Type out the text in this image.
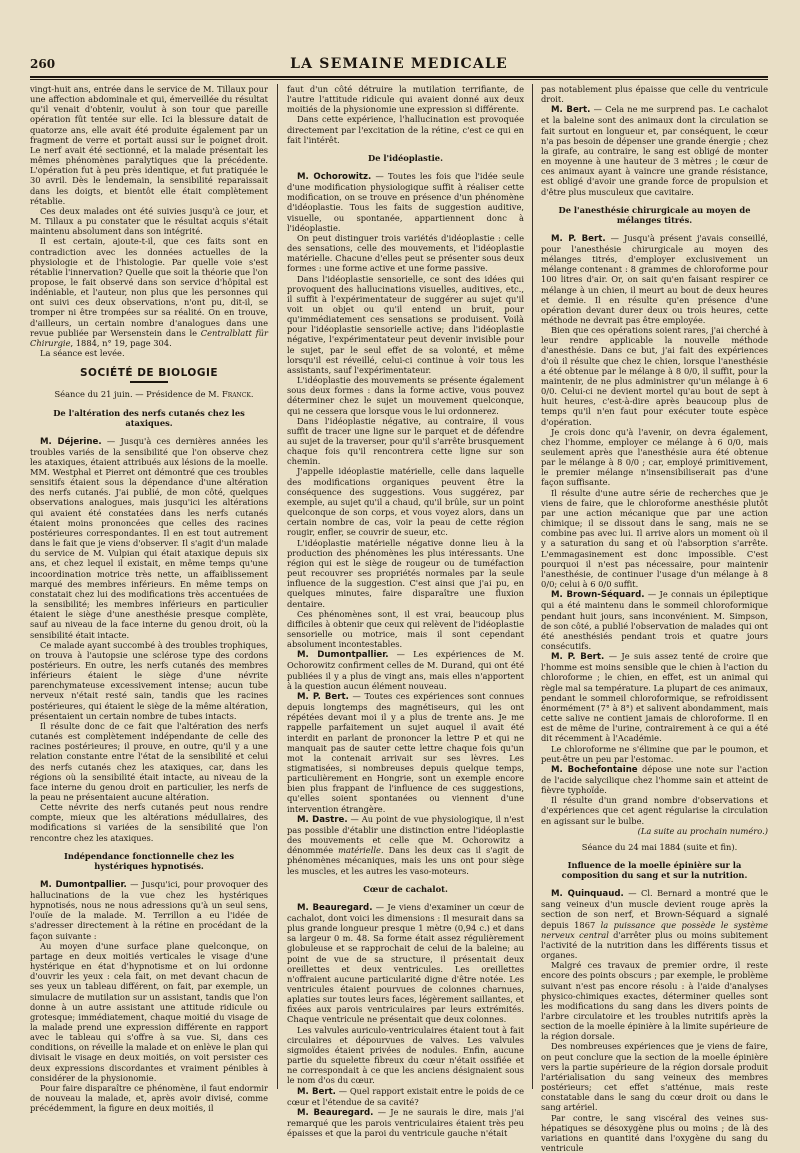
260	LA SEMAINE MEDICALE

vingt-huit ans, entrée dans le service de M. Tillaux pour une affection abdominale et qui, émerveillée du résultat qu'il venait d'obtenir, voulut à son tour que pareille opération fût tentée sur elle. Ici la blessure datait de quatorze ans, elle avait été produite également par un fragment de verre et portait aussi sur le poignet droit. Le nerf avait été sectionné, et la malade présentait les mêmes phénomènes paralytiques que la précédente. L'opération fut à peu près identique, et fut pratiquée le 30 avril. Dès le lendemain, la sensibilité reparaissait dans les doigts, et bientôt elle était complètement rétablie.

Ces deux malades ont été suivies jusqu'à ce jour, et M. Tillaux a pu constater que le résultat acquis s'était maintenu absolument dans son intégrité.

Il est certain, ajoute-t-il, que ces faits sont en contradiction avec les données actuelles de la physiologie et de l'histologie. Par quelle voie s'est rétablie l'innervation? Quelle que soit la théorie que l'on propose, le fait observé dans son service d'hôpital est indéniable, et l'auteur, non plus que les personnes qui ont suivi ces deux observations, n'ont pu, dit-il, se tromper ni être trompées sur sa réalité. On en trouve, d'ailleurs, un certain nombre d'analogues dans une revue publiée par Wersenstein dans le Centralblatt für Chirurgie, 1884, n° 19, page 304.

La séance est levée.

SOCIÉTÉ DE BIOLOGIE

Séance du 21 juin. — Présidence de M. Franck.

De l'altération des nerfs cutanés chez les ataxiques.

M. Déjerine. — Jusqu'à ces dernières années les troubles variés de la sensibilité que l'on observe chez les ataxiques, étaient attribués aux lésions de la moelle. MM. Westphal et Pierret ont démontré que ces troubles sensitifs étaient sous la dépendance d'une altération des nerfs cutanés. J'ai publié, de mon côté, quelques observations analogues, mais jusqu'ici les altérations qui avaient été constatées dans les nerfs cutanés étaient moins prononcées que celles des racines postérieures correspondantes. Il en est tout autrement dans le fait que je viens d'observer. Il s'agit d'un malade du service de M. Vulpian qui était ataxique depuis six ans, et chez lequel il existait, en même temps qu'une incoordination motrice très nette, un affaiblissement marqué des membres inférieurs. En même temps on constatait chez lui des modifications très accentuées de la sensibilité; les membres inférieurs en particulier étaient le siège d'une anesthésie presque complète, sauf au niveau de la face interne du genou droit, où la sensibilité était intacte.

Ce malade ayant succombé à des troubles trophiques, on trouva à l'autopsie une sclérose type des cordons postérieurs. En outre, les nerfs cutanés des membres inférieurs étaient le siège d'une névrite parenchymateuse excessivement intense; aucun tube nerveux n'était resté sain, tandis que les racines postérieures, qui étaient le siège de la même altération, présentaient un certain nombre de tubes intacts.

Il résulte donc de ce fait que l'altération des nerfs cutanés est complètement indépendante de celle des racines postérieures; il prouve, en outre, qu'il y a une relation constante entre l'état de la sensibilité et celui des nerfs cutanés chez les ataxiques, car, dans les régions où la sensibilité était intacte, au niveau de la face interne du genou droit en particulier, les nerfs de la peau ne présentaient aucune altération.

Cette névrite des nerfs cutanés peut nous rendre compte, mieux que les altérations médullaires, des modifications si variées de la sensibilité que l'on rencontre chez les ataxiques.

Indépendance fonctionnelle chez les hystériques hypnotisés.

M. Dumontpallier. — Jusqu'ici, pour provoquer des hallucinations de la vue chez les hystériques hypnotisés, nous ne nous adressions qu'à un seul sens, l'ouïe de la malade. M. Terrillon a eu l'idée de s'adresser directement à la rétine en procédant de la façon suivante :

Au moyen d'une surface plane quelconque, on partage en deux moitiés verticales le visage d'une hystérique en état d'hypnotisme et on lui ordonne d'ouvrir les yeux : cela fait, on met devant chacun de ses yeux un tableau différent, on fait, par exemple, un simulacre de mutilation sur un assistant, tandis que l'on donne à un autre assistant une attitude ridicule ou grotesque; immédiatement, chaque moitié du visage de la malade prend une expression différente en rapport avec le tableau qui s'offre à sa vue. Si, dans ces conditions, on réveille la malade et on enlève le plan qui divisait le visage en deux moitiés, on voit persister ces deux expressions discordantes et vraiment pénibles à considérer de la physionomie.

Pour faire disparaître ce phénomène, il faut endormir de nouveau la malade, et, après avoir divisé, comme précédemment, la figure en deux moitiés, il

faut d'un côté détruire la mutilation terrifiante, de l'autre l'attitude ridicule qui avaient donné aux deux moitiés de la physionomie une expression si différente.

Dans cette expérience, l'hallucination est provoquée directement par l'excitation de la rétine, c'est ce qui en fait l'intérêt.

De l'idéoplastie.

M. Ochorowitz. — Toutes les fois que l'idée seule d'une modification physiologique suffit à réaliser cette modification, on se trouve en présence d'un phénomène d'idéoplastie. Tous les faits de suggestion auditive, visuelle, ou spontanée, appartiennent donc à l'idéoplastie.

On peut distinguer trois variétés d'idéoplastie : celle des sensations, celle des mouvements, et l'idéoplastie matérielle. Chacune d'elles peut se présenter sous deux formes : une forme active et une forme passive.

Dans l'idéoplastie sensorielle, ce sont des idées qui provoquent des hallucinations visuelles, auditives, etc., il suffit à l'expérimentateur de suggérer au sujet qu'il voit un objet ou qu'il entend un bruit, pour qu'immédiatement ces sensations se produisent. Voilà pour l'idéoplastie sensorielle active; dans l'idéoplastie négative, l'expérimentateur peut devenir invisible pour le sujet, par le seul effet de sa volonté, et même lorsqu'il est réveillé, celui-ci continue à voir tous les assistants, sauf l'expérimentateur.

L'idéoplastie des mouvements se présente également sous deux formes : dans la forme active, vous pouvez déterminer chez le sujet un mouvement quelconque, qui ne cessera que lorsque vous le lui ordonnerez.

Dans l'idéoplastie négative, au contraire, il vous suffit de tracer une ligne sur le parquet et de défendre au sujet de la traverser, pour qu'il s'arrête brusquement chaque fois qu'il rencontrera cette ligne sur son chemin.

J'appelle idéoplastie matérielle, celle dans laquelle des modifications organiques peuvent être la conséquence des suggestions. Vous suggérez, par exemple, au sujet qu'il a chaud, qu'il brûle, sur un point quelconque de son corps, et vous voyez alors, dans un certain nombre de cas, voir la peau de cette région rougir, enfler, se couvrir de sueur, etc.

L'idéoplastie matérielle négative donne lieu à la production des phénomènes les plus intéressants. Une région qui est le siège de rougeur ou de tuméfaction peut recouvrer ses propriétés normales par la seule influence de la suggestion. C'est ainsi que j'ai pu, en quelques minutes, faire disparaître une fluxion dentaire.

Ces phénomènes sont, il est vrai, beaucoup plus difficiles à obtenir que ceux qui relèvent de l'idéoplastie sensorielle ou motrice, mais il sont cependant absolument incontestables.

M. Dumontpallier. — Les expériences de M. Ochorowitz confirment celles de M. Durand, qui ont été publiées il y a plus de vingt ans, mais elles n'apportent à la question aucun élément nouveau.

M. P. Bert. — Toutes ces expériences sont connues depuis longtemps des magnétiseurs, qui les ont répétées devant moi il y a plus de trente ans. Je me rappelle parfaitement un sujet auquel il avait été interdit en parlant de prononcer la lettre P et qui ne manquait pas de sauter cette lettre chaque fois qu'un mot la contenait arrivait sur ses lèvres. Les stigmatisées, si nombreuses depuis quelque temps, particulièrement en Hongrie, sont un exemple encore bien plus frappant de l'influence de ces suggestions, qu'elles soient spontanées ou viennent d'une intervention étrangère.

M. Dastre. — Au point de vue physiologique, il n'est pas possible d'établir une distinction entre l'idéoplastie des mouvements et celle que M. Ochorowitz a dénommée matérielle. Dans les deux cas il s'agit de phénomènes mécaniques, mais les uns ont pour siège les muscles, et les autres les vaso-moteurs.

Cœur de cachalot.

M. Beauregard. — Je viens d'examiner un cœur de cachalot, dont voici les dimensions : Il mesurait dans sa plus grande longueur presque 1 mètre (0,94 c.) et dans sa largeur 0 m. 48. Sa forme était assez régulièrement globuleuse et se rapprochait de celui de la baleine; au point de vue de sa structure, il présentait deux oreillettes et deux ventricules. Les oreillettes n'offraient aucune particularité digne d'être notée. Les ventricules étaient pourvues de colonnes charnues, aplaties sur toutes leurs faces, légèrement saillantes, et fixées aux parois ventriculaires par leurs extrémités. Chaque ventricule ne présentait que deux colonnes.

Les valvules auriculo-ventriculaires étaient tout à fait circulaires et dépourvues de valves. Les valvules sigmoïdes étaient privées de nodules. Enfin, aucune partie du squelette fibreux du cœur n'était ossifiée et ne correspondait à ce que les anciens désignaient sous le nom d'os du cœur.

M. Bert. — Quel rapport existait entre le poids de ce cœur et l'étendue de sa cavité?

M. Beauregard. — Je ne saurais le dire, mais j'ai remarqué que les parois ventriculaires étaient très peu épaisses et que la paroi du ventricule gauche n'était

pas notablement plus épaisse que celle du ventricule droit.

M. Bert. — Cela ne me surprend pas. Le cachalot et la baleine sont des animaux dont la circulation se fait surtout en longueur et, par conséquent, le cœur n'a pas besoin de dépenser une grande énergie ; chez la girafe, au contraire, le sang est obligé de monter en moyenne à une hauteur de 3 mètres ; le cœur de ces animaux ayant à vaincre une grande résistance, est obligé d'avoir une grande force de propulsion et d'être plus musculeux que cavitaire.

De l'anesthésie chirurgicale au moyen de mélanges titrés.

M. P. Bert. — Jusqu'à présent j'avais conseillé, pour l'anesthésie chirurgicale au moyen des mélanges titrés, d'employer exclusivement un mélange contenant : 8 grammes de chloroforme pour 100 litres d'air. Or, on sait qu'en faisant respirer ce mélange à un chien, il meurt au bout de deux heures et demie. Il en résulte qu'en présence d'une opération devant durer deux ou trois heures, cette méthode ne devrait pas être employée.

Bien que ces opérations soient rares, j'ai cherché à leur rendre applicable la nouvelle méthode d'anesthésie. Dans ce but, j'ai fait des expériences d'où il résulte que chez le chien, lorsque l'anesthésie a été obtenue par le mélange à 8 0/0, il suffit, pour la maintenir, de ne plus administrer qu'un mélange à 6 0/0. Celui-ci ne devient mortel qu'au bout de sept à huit heures, c'est-à-dire après beaucoup plus de temps qu'il n'en faut pour exécuter toute espèce d'opération.

Je crois donc qu'à l'avenir, on devra également, chez l'homme, employer ce mélange à 6 0/0, mais seulement après que l'anesthésie aura été obtenue par le mélange à 8 0/0 ; car, employé primitivement, le premier mélange n'insensibiliserait pas d'une façon suffisante.

Il résulte d'une autre série de recherches que je viens de faire, que le chloroforme anesthésie plutôt par une action mécanique que par une action chimique; il se dissout dans le sang, mais ne se combine pas avec lui. Il arrive alors un moment où il y a saturation du sang et où l'absorption s'arrête. L'emmagasinement est donc impossible. C'est pourquoi il n'est pas nécessaire, pour maintenir l'anesthésie, de continuer l'usage d'un mélange à 8 0/0; celui à 6 0/0 suffit.

M. Brown-Séquard. — Je connais un épileptique qui a été maintenu dans le sommeil chloroformique pendant huit jours, sans inconvénient. M. Simpson, de son côté, a publié l'observation de malades qui ont été anesthésiés pendant trois et quatre jours consécutifs.

M. P. Bert. — Je suis assez tenté de croire que l'homme est moins sensible que le chien à l'action du chloroforme ; le chien, en effet, est un animal qui règle mal sa température. La plupart de ces animaux, pendant le sommeil chloroformique, se refroidissent énormément (7° à 8°) et salivent abondamment, mais cette salive ne contient jamais de chloroforme. Il en est de même de l'urine, contrairement à ce qui a été dit récemment à l'Académie.

Le chloroforme ne s'élimine que par le poumon, et peut-être un peu par l'estomac.

M. Bochefontaine dépose une note sur l'action de l'acide salycilique chez l'homme sain et atteint de fièvre typhoïde.

Il résulte d'un grand nombre d'observations et d'expériences que cet agent régularise la circulation en agissant sur le bulbe.

(La suite au prochain numéro.)

Séance du 24 mai 1884 (suite et fin).

Influence de la moelle épinière sur la composition du sang et sur la nutrition.

M. Quinquaud. — Cl. Bernard a montré que le sang veineux d'un muscle devient rouge après la section de son nerf, et Brown-Séquard a signalé depuis 1867 la puissance que possède le système nerveux central d'arrêter plus ou moins subitement l'activité de la nutrition dans les différents tissus et organes.

Malgré ces travaux de premier ordre, il reste encore des points obscurs ; par exemple, le problème suivant n'est pas encore résolu : à l'aide d'analyses physico-chimiques exactes, déterminer quelles sont les modifications du sang dans les divers points de l'arbre circulatoire et les troubles nutritifs après la section de la moelle épinière à la limite supérieure de la région dorsale.

Des nombreuses expériences que je viens de faire, on peut conclure que la section de la moelle épinière vers la partie supérieure de la région dorsale produit l'artérialisation du sang veineux des membres postérieurs; cet effet s'atténue, mais reste constatable dans le sang du cœur droit ou dans le sang artériel.

Par contre, le sang viscéral des veines sus-hépatiques se désoxygène plus ou moins ; de là des variations en quantité dans l'oxygène du sang du ventricule
